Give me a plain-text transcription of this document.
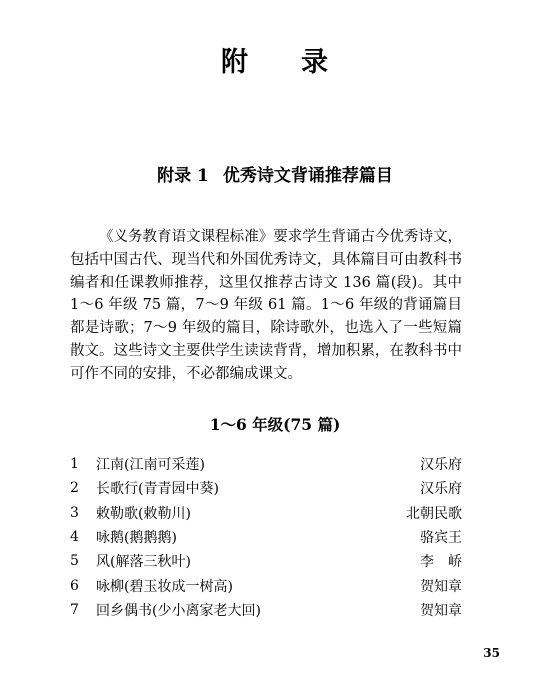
附 录
附录 1 优秀诗文背诵推荐篇目

《义务教育语文课程标准》要求学生背诵古今优秀诗文，包括中国古代、现当代和外国优秀诗文，具体篇目可由教科书编者和任课教师推荐，这里仅推荐古诗文 136 篇(段)。其中 1～6 年级 75 篇，7～9 年级 61 篇。1～6 年级的背诵篇目都是诗歌；7～9 年级的篇目，除诗歌外，也选入了一些短篇散文。这些诗文主要供学生读读背背，增加积累，在教科书中可作不同的安排，不必都编成课文。

1～6 年级(75 篇)
1	江南(江南可采莲)	汉乐府
2	长歌行(青青园中葵)	汉乐府
3	敕勒歌(敕勒川)	北朝民歌
4	咏鹅(鹅鹅鹅)	骆宾王
5	风(解落三秋叶)	李　峤
6	咏柳(碧玉妆成一树高)	贺知章
7	回乡偶书(少小离家老大回)	贺知章
35
